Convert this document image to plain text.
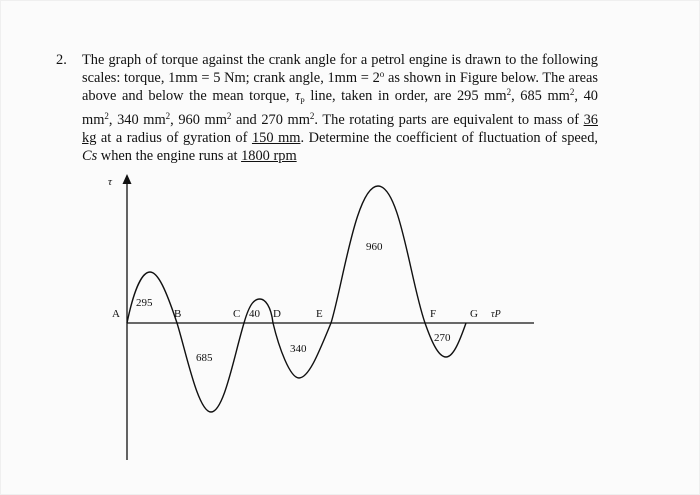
2. The graph of torque against the crank angle for a petrol engine is drawn to the following scales: torque, 1mm = 5 Nm; crank angle, $1mm = 2^o$ as shown in Figure below. The areas above and below the mean torque, $\tau_P$ line, taken in order, are 295 $mm^2$, 685 $mm^2$, 40 $mm^2$, 340 $mm^2$, 960 $mm^2$ and 270 $mm^2$. The rotating parts are equivalent to mass of 36 kg at a radius of gyration of 150 mm. Determine the coefficient of fluctuation of speed, Cs when the engine runs at 1800 rpm
τ
A	B	C	D	E	F	G τP
295
685
40
340
960
270
